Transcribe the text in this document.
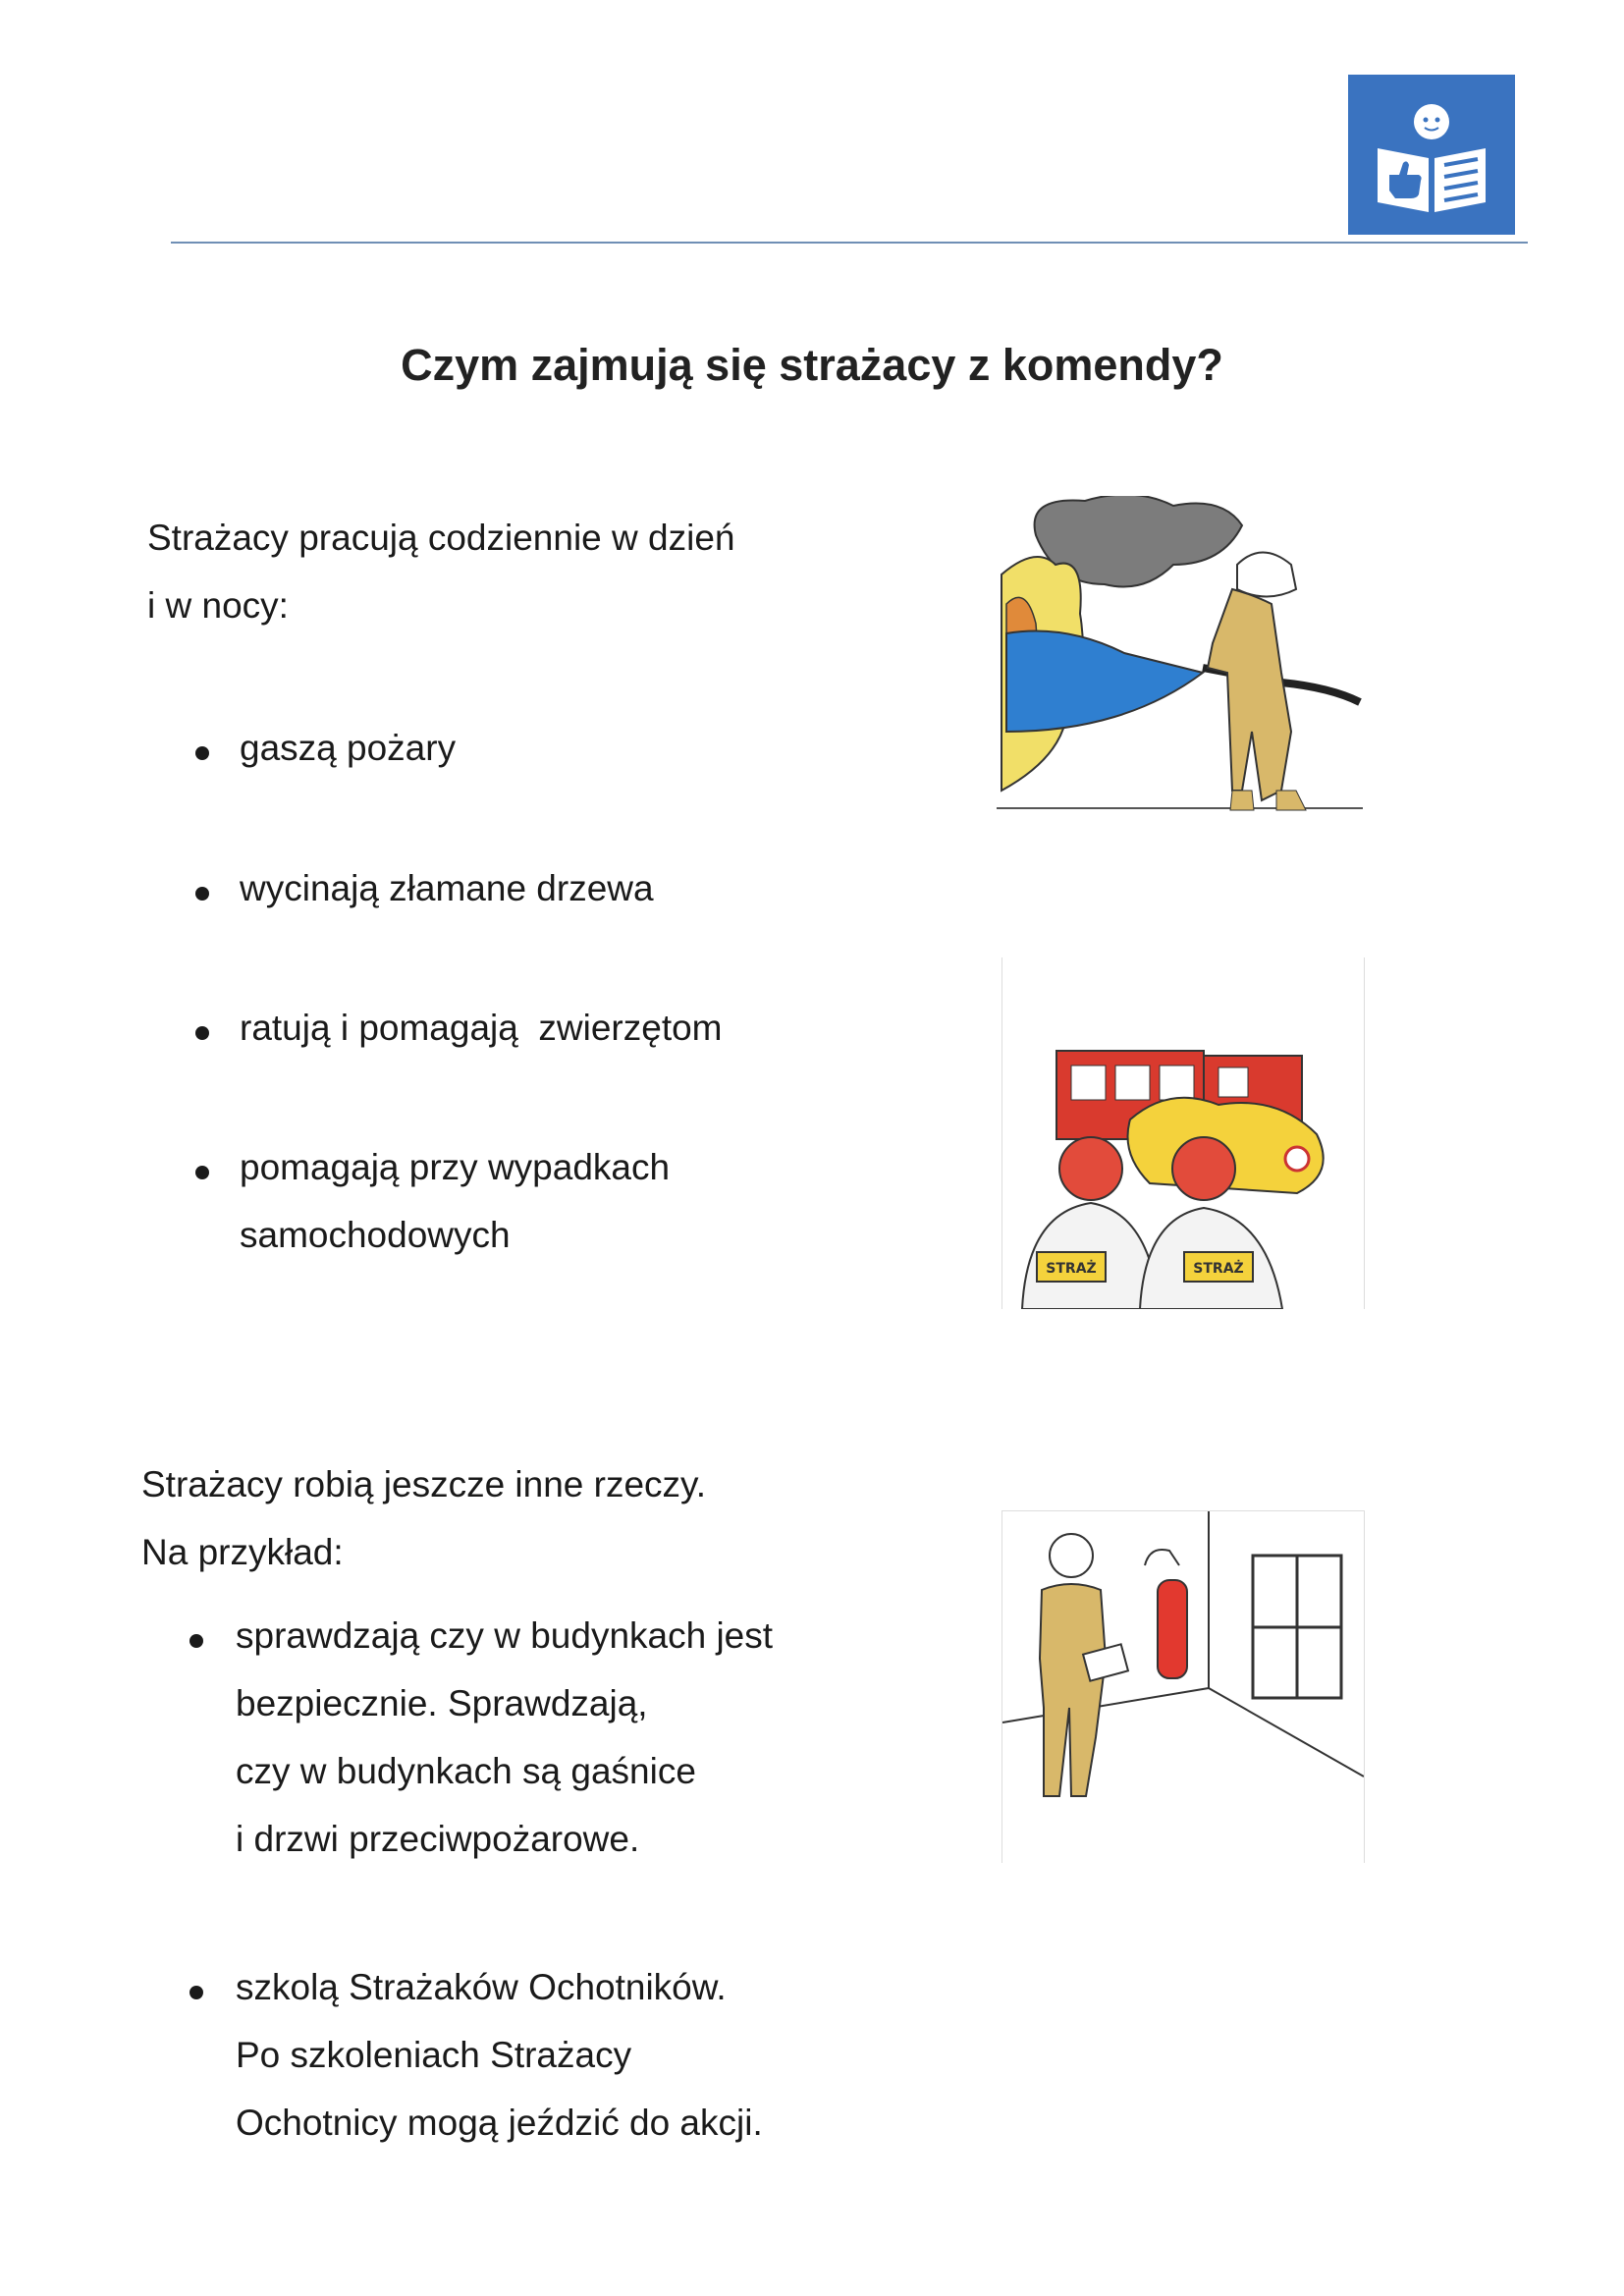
Czym zajmują się strażacy z komendy?
Strażacy pracują codziennie w dzień
i w nocy:
gaszą pożary
wycinają złamane drzewa
ratują i pomagają  zwierzętom
pomagają przy wypadkach
samochodowych
Strażacy robią jeszcze inne rzeczy.
Na przykład:
sprawdzają czy w budynkach jest
bezpiecznie. Sprawdzają,
czy w budynkach są gaśnice
i drzwi przeciwpożarowe.
szkolą Strażaków Ochotników.
Po szkoleniach Strażacy
Ochotnicy mogą jeździć do akcji.
STRAŻ	STRAŻ
